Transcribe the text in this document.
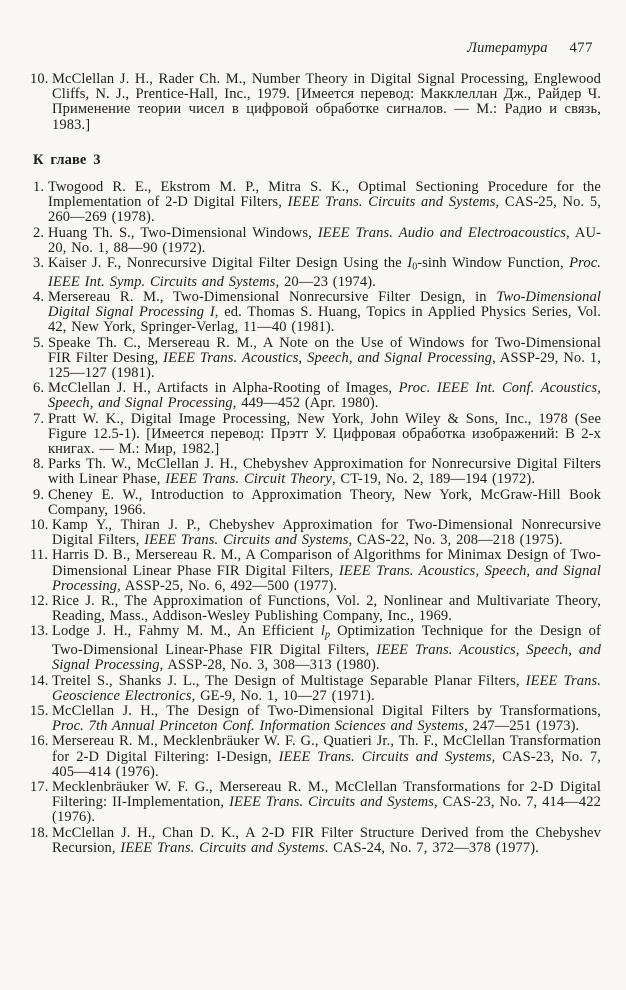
Литература 477
10. McClellan J. H., Rader Ch. M., Number Theory in Digital Signal Processing, Englewood Cliffs, N. J., Prentice-Hall, Inc., 1979. [Имеется перевод: Макклеллан Дж., Райдер Ч. Применение теории чисел в цифровой обработке сигналов. — М.: Радио и связь, 1983.]
К главе 3
1. Twogood R. E., Ekstrom M. P., Mitra S. K., Optimal Sectioning Procedure for the Implementation of 2-D Digital Filters, IEEE Trans. Circuits and Systems, CAS-25, No. 5, 260—269 (1978).
2. Huang Th. S., Two-Dimensional Windows, IEEE Trans. Audio and Electroacoustics, AU-20, No. 1, 88—90 (1972).
3. Kaiser J. F., Nonrecursive Digital Filter Design Using the I0-sinh Window Function, Proc. IEEE Int. Symp. Circuits and Systems, 20—23 (1974).
4. Mersereau R. M., Two-Dimensional Nonrecursive Filter Design, in Two-Dimensional Digital Signal Processing I, ed. Thomas S. Huang, Topics in Applied Physics Series, Vol. 42, New York, Springer-Verlag, 11—40 (1981).
5. Speake Th. C., Mersereau R. M., A Note on the Use of Windows for Two-Dimensional FIR Filter Desing, IEEE Trans. Acoustics, Speech, and Signal Processing, ASSP-29, No. 1, 125—127 (1981).
6. McClellan J. H., Artifacts in Alpha-Rooting of Images, Proc. IEEE Int. Conf. Acoustics, Speech, and Signal Processing, 449—452 (Apr. 1980).
7. Pratt W. K., Digital Image Processing, New York, John Wiley & Sons, Inc., 1978 (See Figure 12.5-1). [Имеется перевод: Прэтт У. Цифровая обработка изображений: В 2-х книгах. — М.: Мир, 1982.]
8. Parks Th. W., McClellan J. H., Chebyshev Approximation for Nonrecursive Digital Filters with Linear Phase, IEEE Trans. Circuit Theory, CT-19, No. 2, 189—194 (1972).
9. Cheney E. W., Introduction to Approximation Theory, New York, McGraw-Hill Book Company, 1966.
10. Kamp Y., Thiran J. P., Chebyshev Approximation for Two-Dimensional Nonrecursive Digital Filters, IEEE Trans. Circuits and Systems, CAS-22, No. 3, 208—218 (1975).
11. Harris D. B., Mersereau R. M., A Comparison of Algorithms for Minimax Design of Two-Dimensional Linear Phase FIR Digital Filters, IEEE Trans. Acoustics, Speech, and Signal Processing, ASSP-25, No. 6, 492—500 (1977).
12. Rice J. R., The Approximation of Functions, Vol. 2, Nonlinear and Multivariate Theory, Reading, Mass., Addison-Wesley Publishing Company, Inc., 1969.
13. Lodge J. H., Fahmy M. M., An Efficient lp Optimization Technique for the Design of Two-Dimensional Linear-Phase FIR Digital Filters, IEEE Trans. Acoustics, Speech, and Signal Processing, ASSP-28, No. 3, 308—313 (1980).
14. Treitel S., Shanks J. L., The Design of Multistage Separable Planar Filters, IEEE Trans. Geoscience Electronics, GE-9, No. 1, 10—27 (1971).
15. McClellan J. H., The Design of Two-Dimensional Digital Filters by Transformations, Proc. 7th Annual Princeton Conf. Information Sciences and Systems, 247—251 (1973).
16. Mersereau R. M., Mecklenbräuker W. F. G., Quatieri Jr., Th. F., McClellan Transformation for 2-D Digital Filtering: I-Design, IEEE Trans. Circuits and Systems, CAS-23, No. 7, 405—414 (1976).
17. Mecklenbräuker W. F. G., Mersereau R. M., McClellan Transformations for 2-D Digital Filtering: II-Implementation, IEEE Trans. Circuits and Systems, CAS-23, No. 7, 414—422 (1976).
18. McClellan J. H., Chan D. K., A 2-D FIR Filter Structure Derived from the Chebyshev Recursion, IEEE Trans. Circuits and Systems. CAS-24, No. 7, 372—378 (1977).
